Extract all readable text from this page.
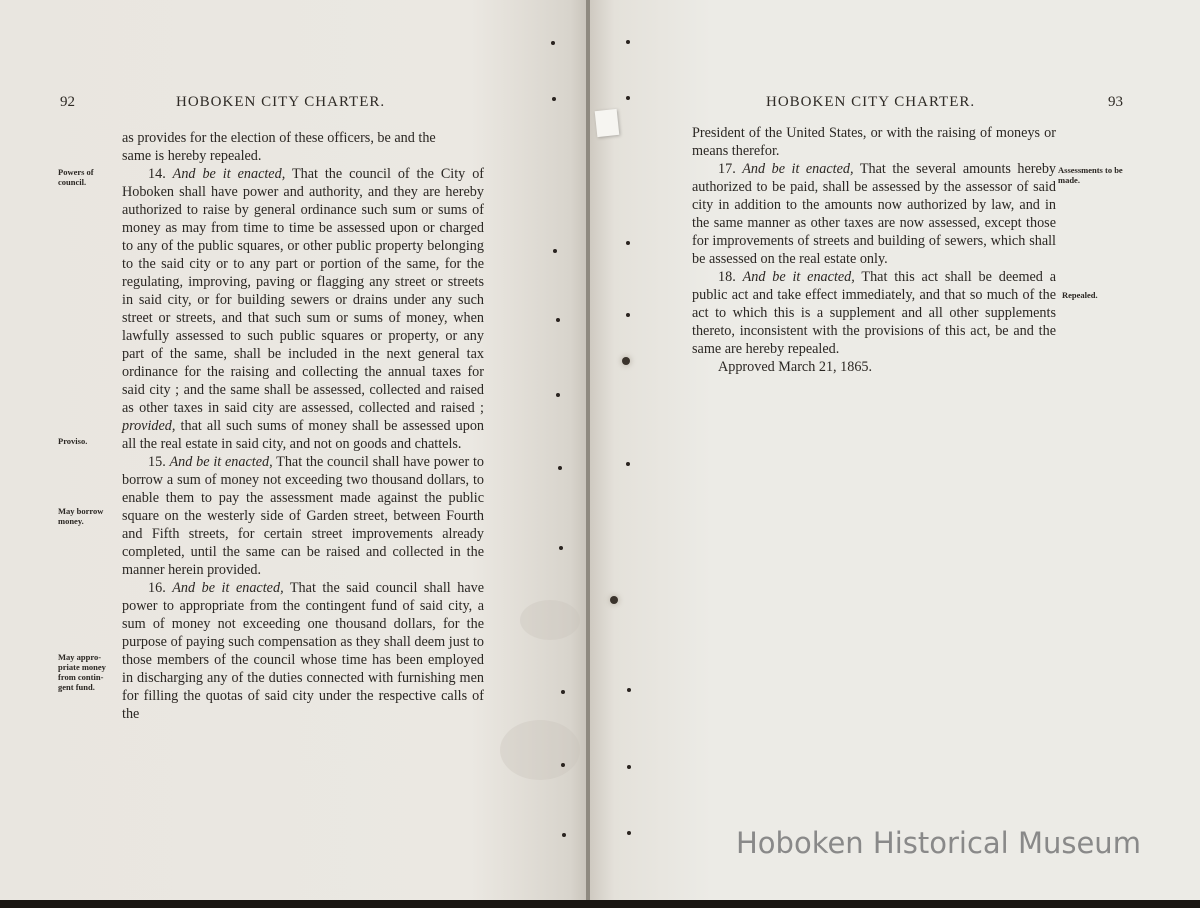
92	HOBOKEN CITY CHARTER.
Powers of council.
Proviso.
May borrow money.
May appro- priate money from contin- gent fund.

as provides for the election of these officers, be and the

same is hereby repealed.

14. And be it enacted, That the council of the City of Hoboken shall have power and authority, and they are hereby authorized to raise by general ordinance such sum or sums of money as may from time to time be assessed upon or charged to any of the public squares, or other public property belonging to the said city or to any part or portion of the same, for the regulating, improving, paving or flagging any street or streets in said city, or for building sewers or drains under any such street or streets, and that such sum or sums of money, when lawfully assessed to such public squares or property, or any part of the same, shall be included in the next general tax ordinance for the raising and collecting the annual taxes for said city ; and the same shall be assessed, collected and raised as other taxes in said city are assessed, collected and raised ; provided, that all such sums of money shall be assessed upon all the real estate in said city, and not on goods and chattels.

15. And be it enacted, That the council shall have power to borrow a sum of money not exceeding two thousand dollars, to enable them to pay the assessment made against the public square on the westerly side of Garden street, between Fourth and Fifth streets, for certain street improvements already completed, until the same can be raised and collected in the manner herein provided.

16. And be it enacted, That the said council shall have power to appropriate from the contingent fund of said city, a sum of money not exceeding one thousand dollars, for the purpose of paying such compensation as they shall deem just to those members of the council whose time has been employed in discharging any of the duties connected with furnishing men for filling the quotas of said city under the respective calls of the

HOBOKEN CITY CHARTER.	93
Assessments to be made.
Repealed.

President of the United States, or with the raising of moneys or means therefor.

17. And be it enacted, That the several amounts hereby authorized to be paid, shall be assessed by the assessor of said city in addition to the amounts now authorized by law, and in the same manner as other taxes are now assessed, except those for improvements of streets and building of sewers, which shall be assessed on the real estate only.

18. And be it enacted, That this act shall be deemed a public act and take effect immediately, and that so much of the act to which this is a supplement and all other supplements thereto, inconsistent with the provisions of this act, be and the same are hereby repealed.

Approved March 21, 1865.

Hoboken Historical Museum
